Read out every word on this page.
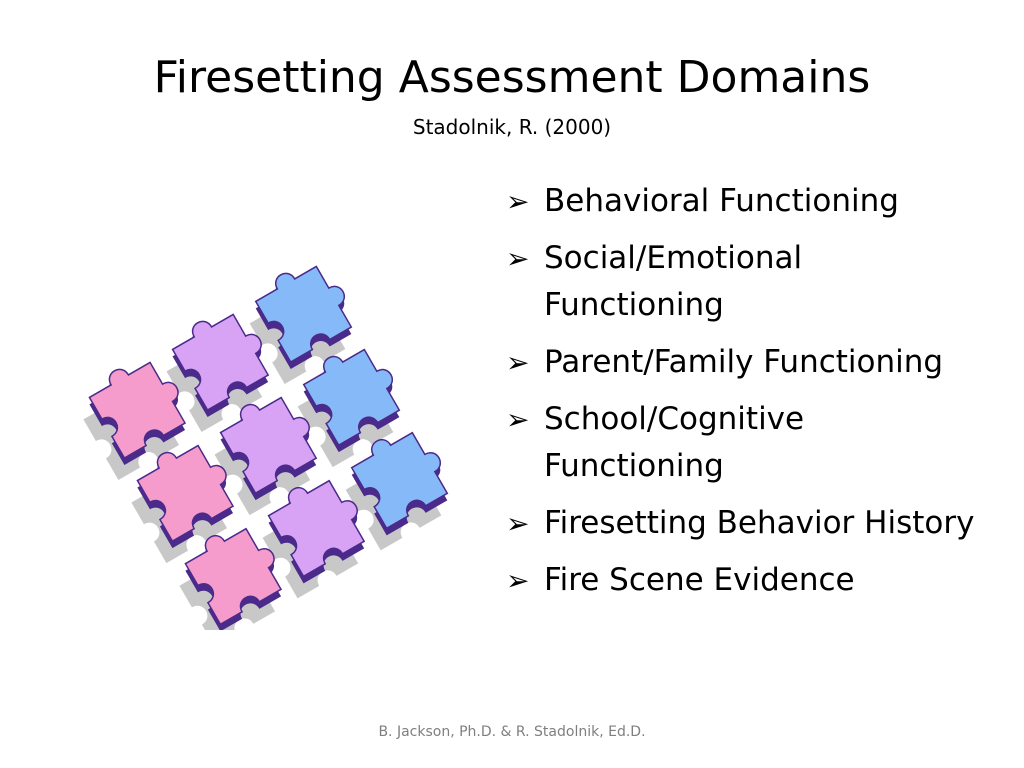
Firesetting Assessment Domains
Stadolnik, R. (2000)
➢ Behavioral Functioning
➢ Social/Emotional Functioning
➢ Parent/Family Functioning
➢ School/Cognitive Functioning
➢ Firesetting Behavior History
➢ Fire Scene Evidence
B. Jackson, Ph.D. & R. Stadolnik, Ed.D.
